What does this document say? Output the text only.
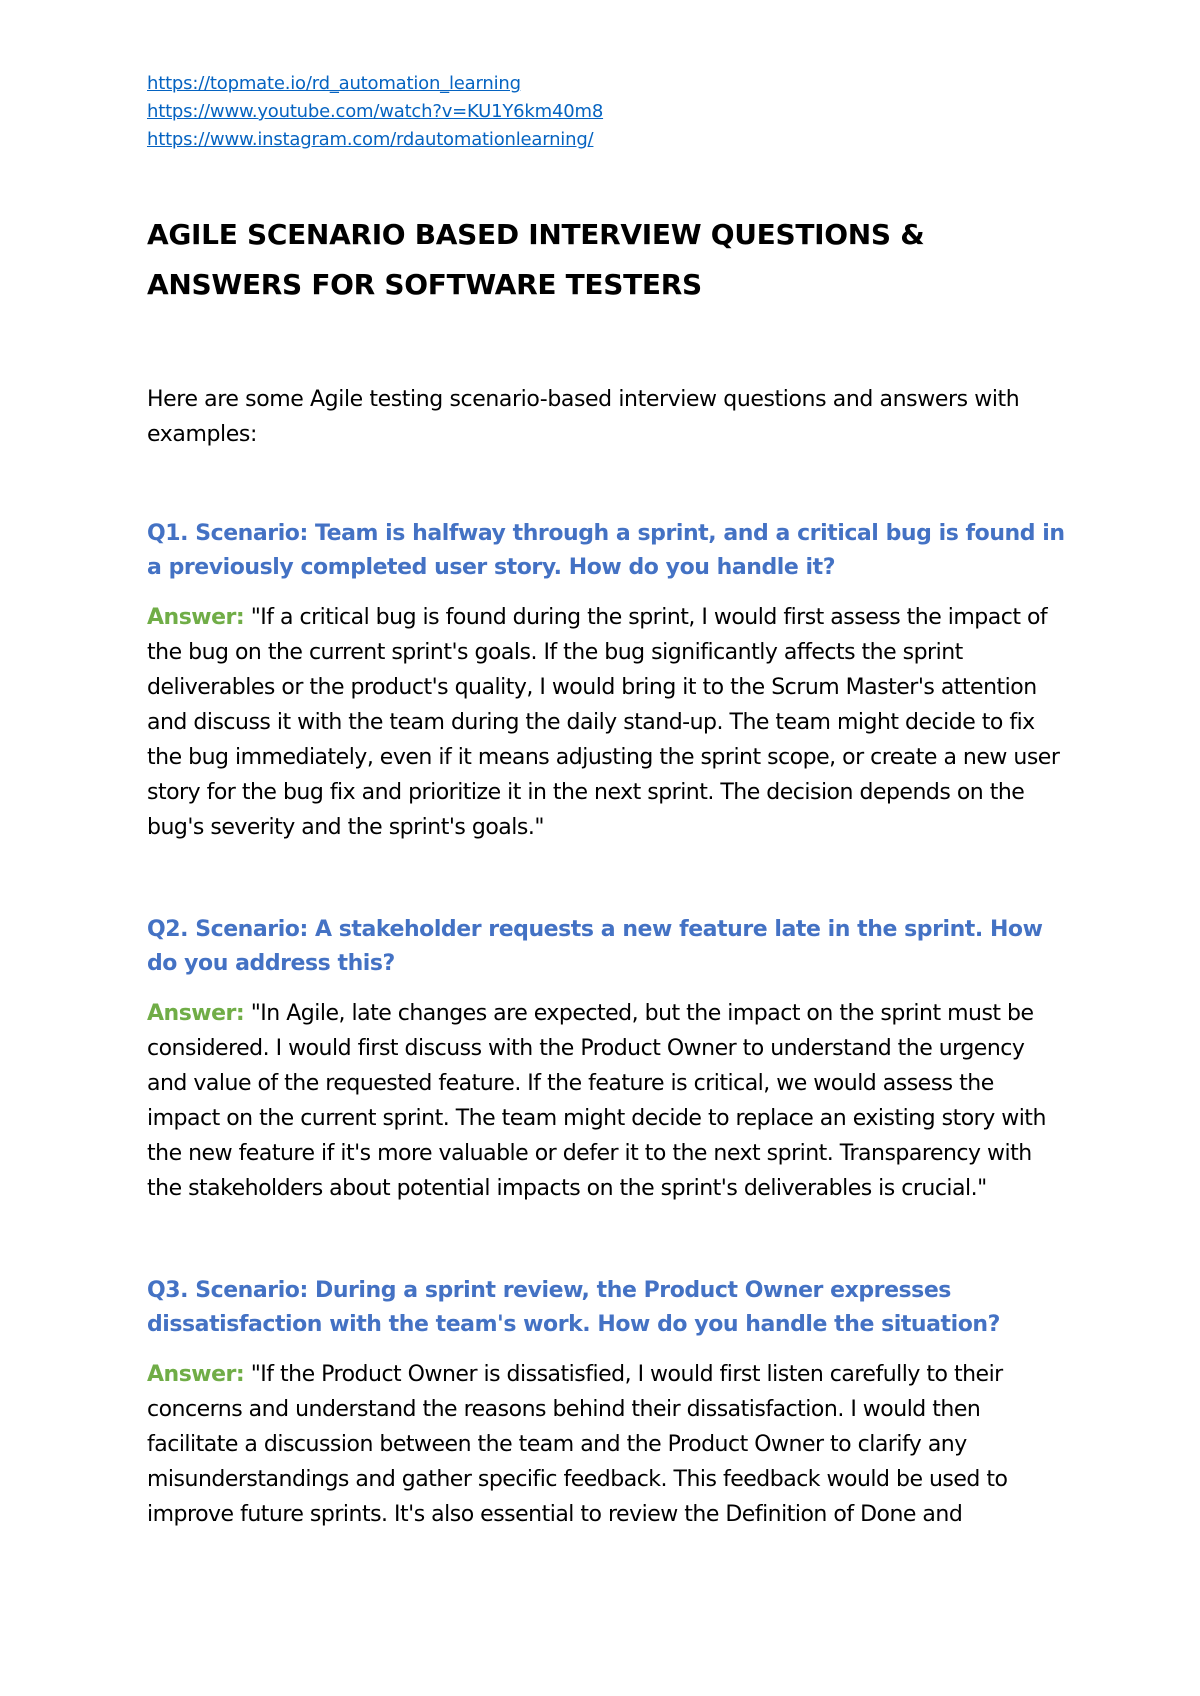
https://topmate.io/rd_automation_learning
https://www.youtube.com/watch?v=KU1Y6km40m8
https://www.instagram.com/rdautomationlearning/
AGILE SCENARIO BASED INTERVIEW QUESTIONS &
ANSWERS FOR SOFTWARE TESTERS

Here are some Agile testing scenario-based interview questions and answers with examples:

Q1. Scenario: Team is halfway through a sprint, and a critical bug is found in a previously completed user story. How do you handle it?

Answer: "If a critical bug is found during the sprint, I would first assess the impact of the bug on the current sprint's goals. If the bug significantly affects the sprint deliverables or the product's quality, I would bring it to the Scrum Master's attention and discuss it with the team during the daily stand-up. The team might decide to fix the bug immediately, even if it means adjusting the sprint scope, or create a new user story for the bug fix and prioritize it in the next sprint. The decision depends on the bug's severity and the sprint's goals."

Q2. Scenario: A stakeholder requests a new feature late in the sprint. How do you address this?

Answer: "In Agile, late changes are expected, but the impact on the sprint must be considered. I would first discuss with the Product Owner to understand the urgency and value of the requested feature. If the feature is critical, we would assess the impact on the current sprint. The team might decide to replace an existing story with the new feature if it's more valuable or defer it to the next sprint. Transparency with the stakeholders about potential impacts on the sprint's deliverables is crucial."

Q3. Scenario: During a sprint review, the Product Owner expresses dissatisfaction with the team's work. How do you handle the situation?

Answer: "If the Product Owner is dissatisfied, I would first listen carefully to their concerns and understand the reasons behind their dissatisfaction. I would then facilitate a discussion between the team and the Product Owner to clarify any misunderstandings and gather specific feedback. This feedback would be used to improve future sprints. It's also essential to review the Definition of Done and
